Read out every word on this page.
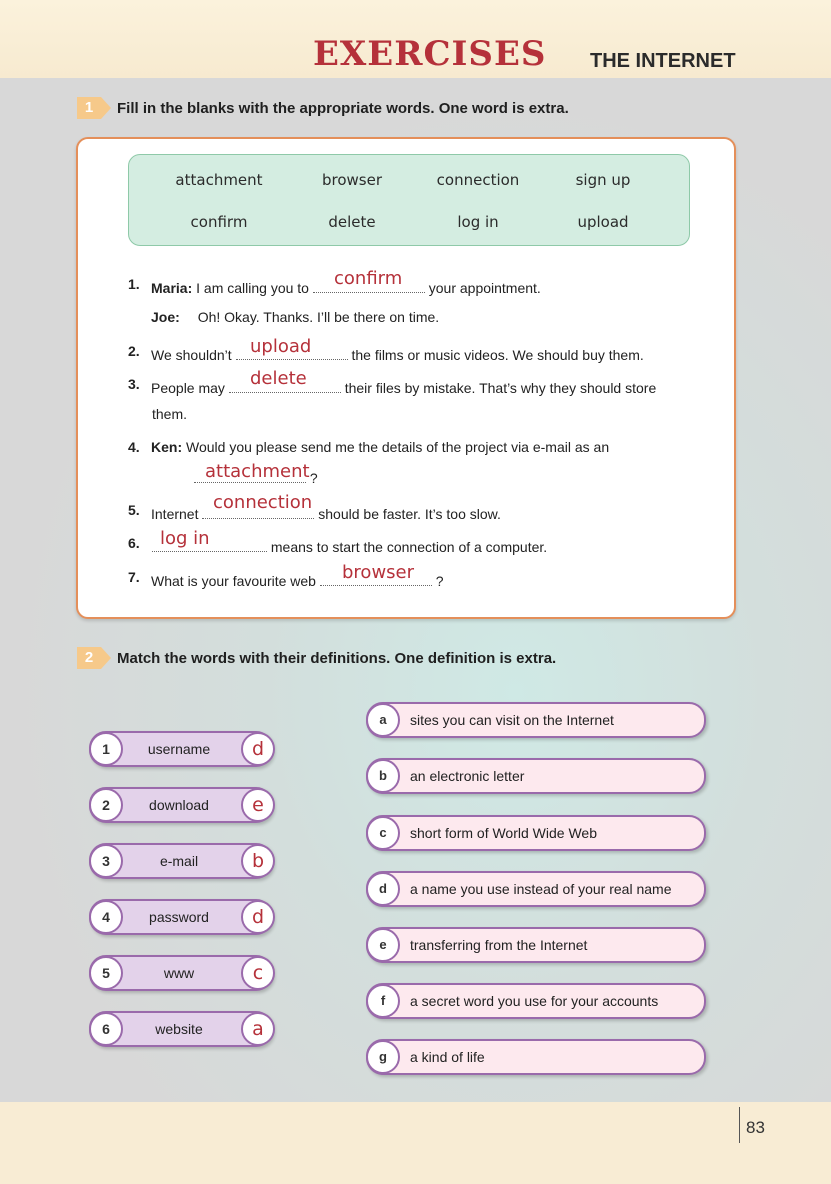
EXERCISES THE INTERNET
1	Fill in the blanks with the appropriate words. One word is extra.
attachment	browser	connection	sign up
confirm	delete	log in	upload
1. Maria: I am calling you to	your appointment.
confirm
Joe: Oh! Okay. Thanks. I’ll be there on time.
2. We shouldn’t	the films or music videos. We should buy them.
upload
3. People may	their files by mistake. That’s why they should store
delete
them.
4. Ken: Would you please send me the details of the project via e-mail as an
?
attachment
5. Internet	should be faster. It’s too slow.
connection
6.	means to start the connection of a computer.
log in
7. What is your favourite web	?
browser
2	Match the words with their definitions. One definition is extra.
1	username	d
2	download	e
3	e-mail	b
4	password	d
5	www	c
6	website	a
a	sites you can visit on the Internet
b	an electronic letter
c	short form of World Wide Web
d	a name you use instead of your real name
e	transferring from the Internet
f	a secret word you use for your accounts
g	a kind of life
83
